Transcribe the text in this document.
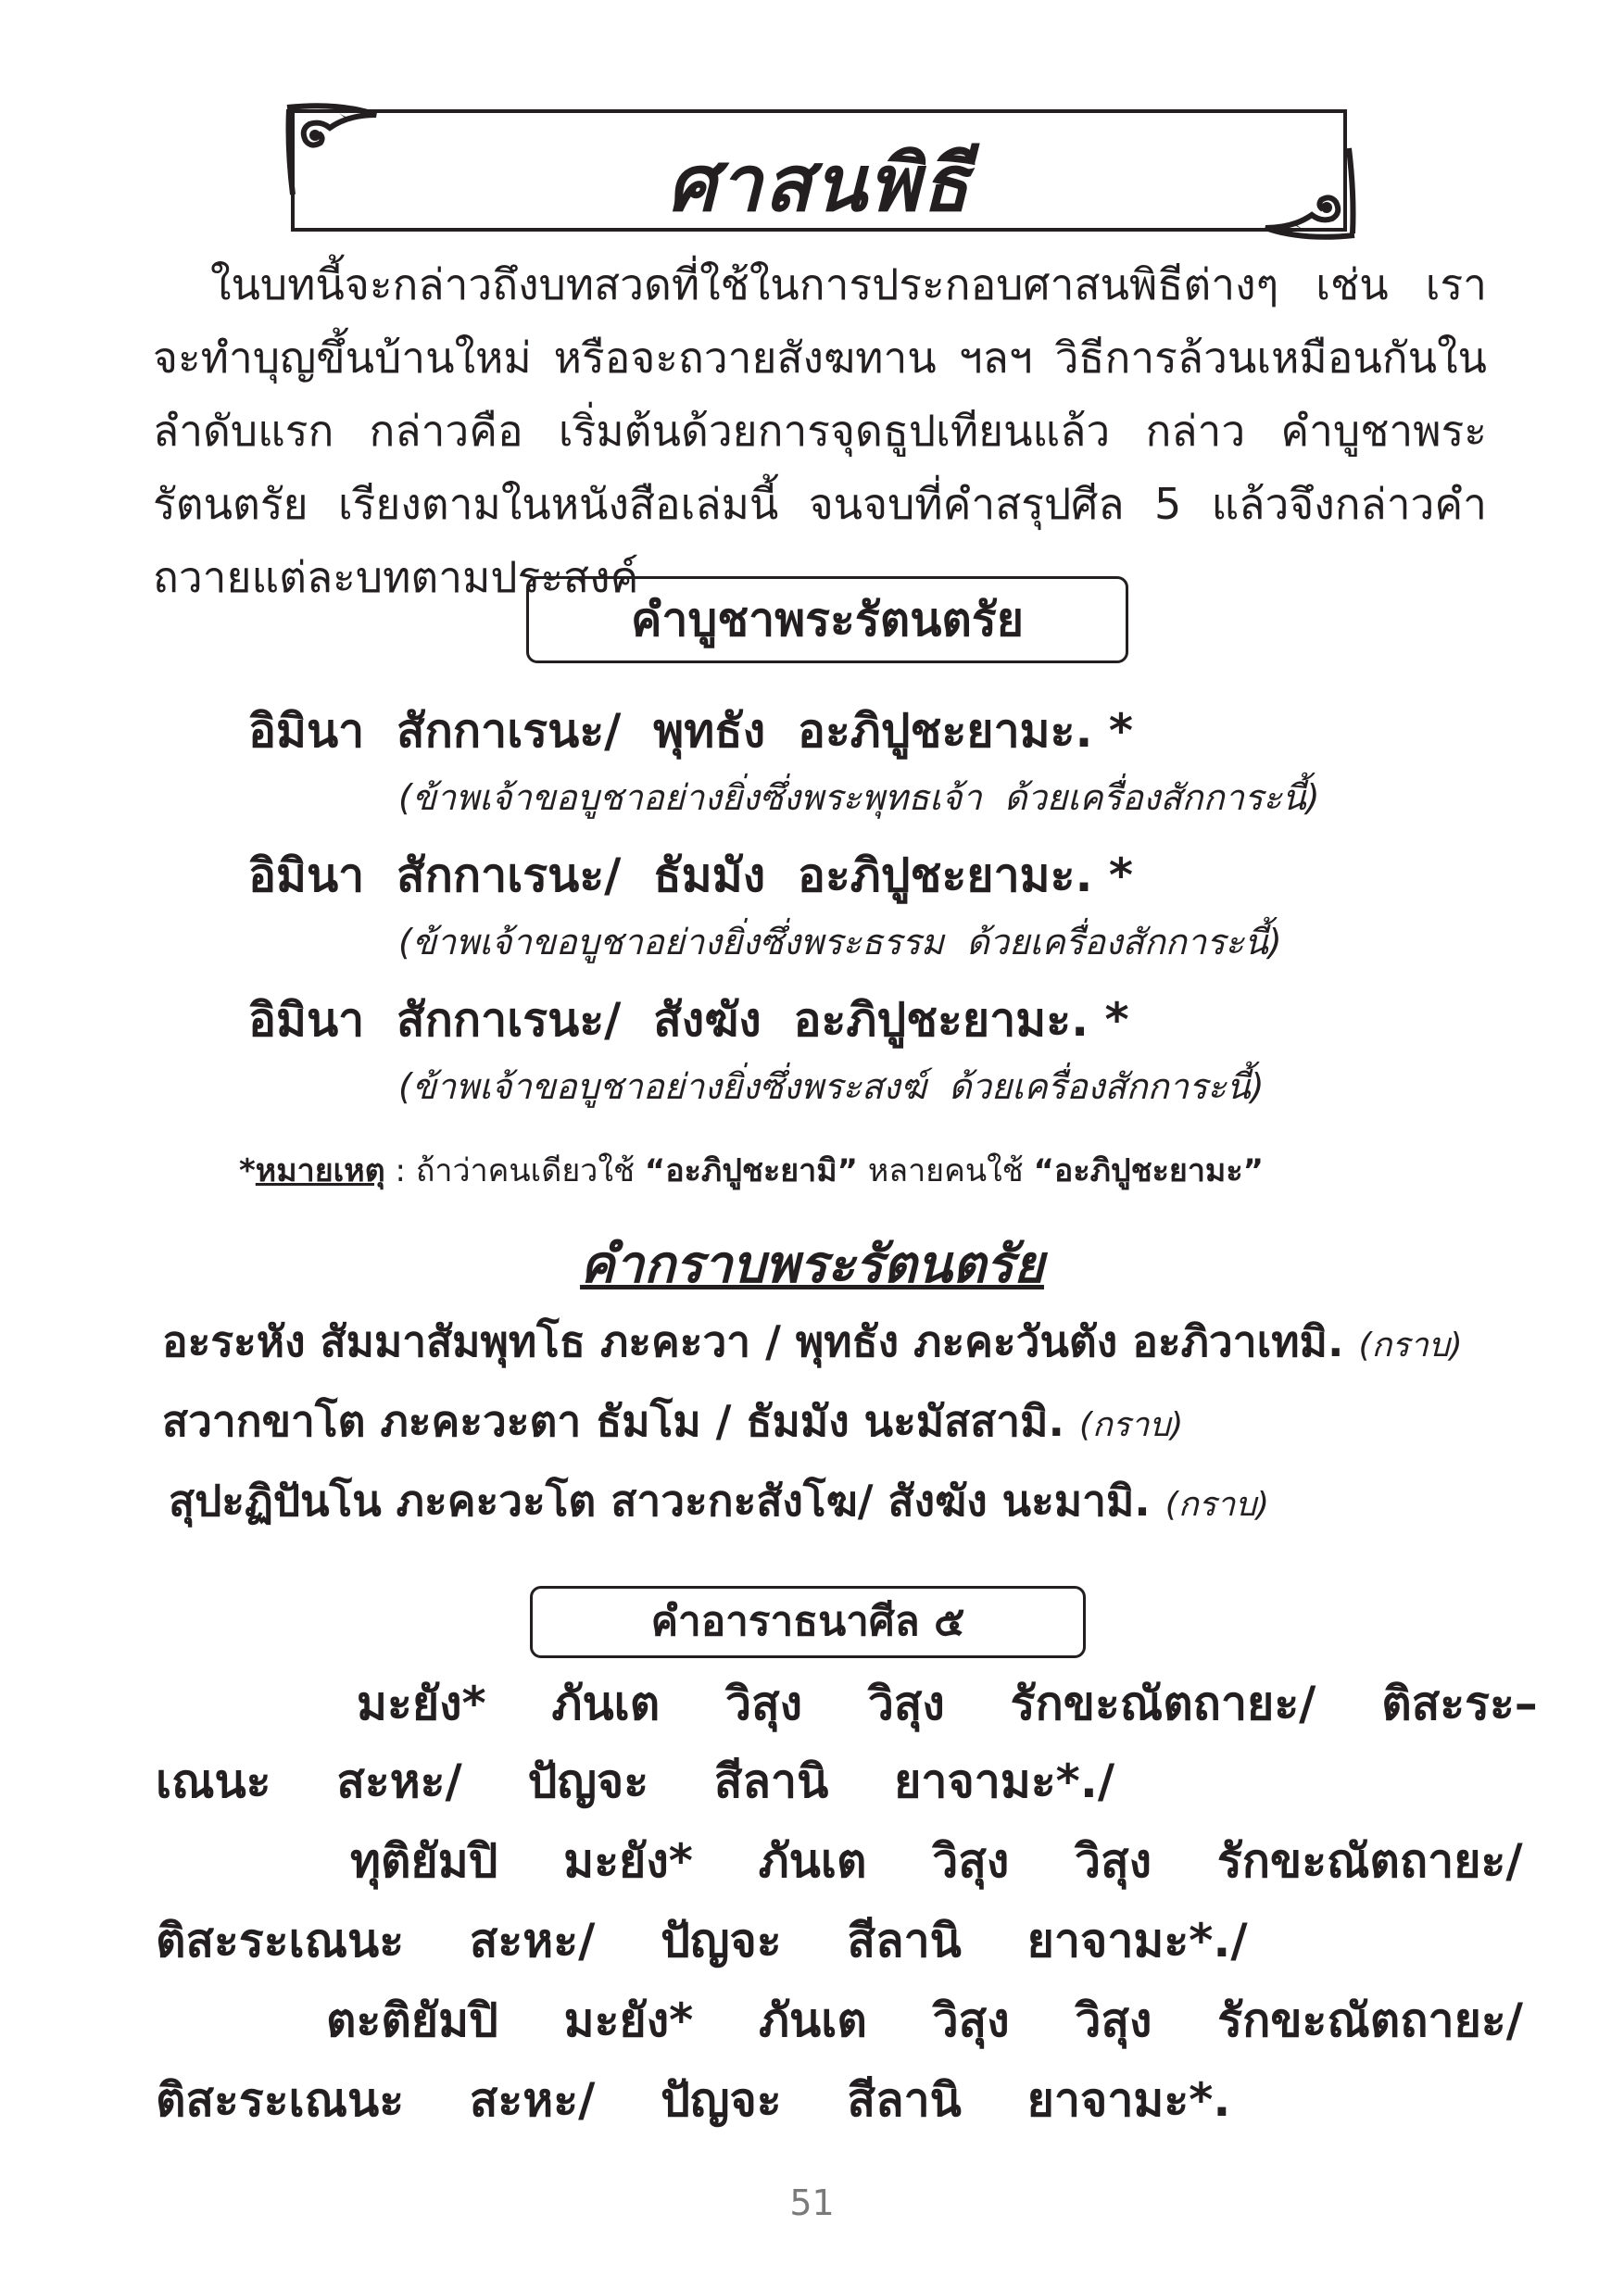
ศาสนพิธี
ในบทนี้จะกล่าวถึงบทสวดที่ใช้ในการประกอบศาสนพิธีต่างๆ เช่น เราจะทำบุญขึ้นบ้านใหม่ หรือจะถวายสังฆทาน ฯลฯ วิธีการล้วนเหมือนกันในลำดับแรก กล่าวคือ เริ่มต้นด้วยการจุดธูปเทียนแล้ว กล่าว คำบูชาพระรัตนตรัย เรียงตามในหนังสือเล่มนี้ จนจบที่คำสรุปศีล 5 แล้วจึงกล่าวคำถวายแต่ละบทตามประสงค์
คำบูชาพระรัตนตรัย
อิมินา  สักกาเรนะ/  พุทธัง  อะภิปูชะยามะ. *
(ข้าพเจ้าขอบูชาอย่างยิ่งซึ่งพระพุทธเจ้า  ด้วยเครื่องสักการะนี้)
อิมินา  สักกาเรนะ/  ธัมมัง  อะภิปูชะยามะ. *
(ข้าพเจ้าขอบูชาอย่างยิ่งซึ่งพระธรรม  ด้วยเครื่องสักการะนี้)
อิมินา  สักกาเรนะ/  สังฆัง  อะภิปูชะยามะ. *
(ข้าพเจ้าขอบูชาอย่างยิ่งซึ่งพระสงฆ์  ด้วยเครื่องสักการะนี้)
*หมายเหตุ : ถ้าว่าคนเดียวใช้ “อะภิปูชะยามิ” หลายคนใช้ “อะภิปูชะยามะ”
คำกราบพระรัตนตรัย
อะระหัง สัมมาสัมพุทโธ ภะคะวา / พุทธัง ภะคะวันตัง อะภิวาเทมิ. (กราบ)
สวากขาโต ภะคะวะตา ธัมโม / ธัมมัง นะมัสสามิ. (กราบ)
สุปะฏิปันโน ภะคะวะโต สาวะกะสังโฆ/ สังฆัง นะมามิ. (กราบ)
คำอาราธนาศีล ๕
มะยัง*  ภันเต  วิสุง  วิสุง  รักขะณัตถายะ/  ติสะระ–
เณนะ  สะหะ/  ปัญจะ  สีลานิ  ยาจามะ*./
ทุติยัมปิ  มะยัง*  ภันเต  วิสุง  วิสุง  รักขะณัตถายะ/
ติสะระเณนะ  สะหะ/  ปัญจะ  สีลานิ  ยาจามะ*./
ตะติยัมปิ  มะยัง*  ภันเต  วิสุง  วิสุง  รักขะณัตถายะ/
ติสะระเณนะ  สะหะ/  ปัญจะ  สีลานิ  ยาจามะ*.
51
